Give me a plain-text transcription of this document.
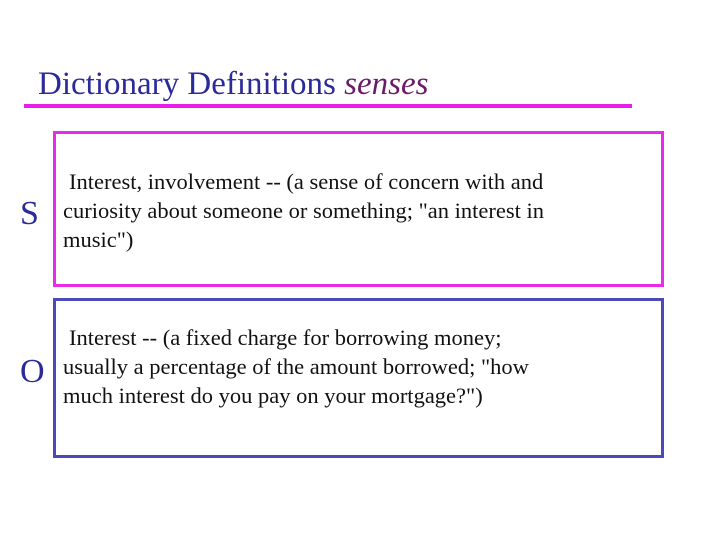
Dictionary Definitions senses
S
Interest, involvement -- (a sense of concern with and
curiosity about someone or something; "an interest in
music")
O
Interest -- (a fixed charge for borrowing money;
usually a percentage of the amount borrowed; "how
much interest do you pay on your mortgage?")
